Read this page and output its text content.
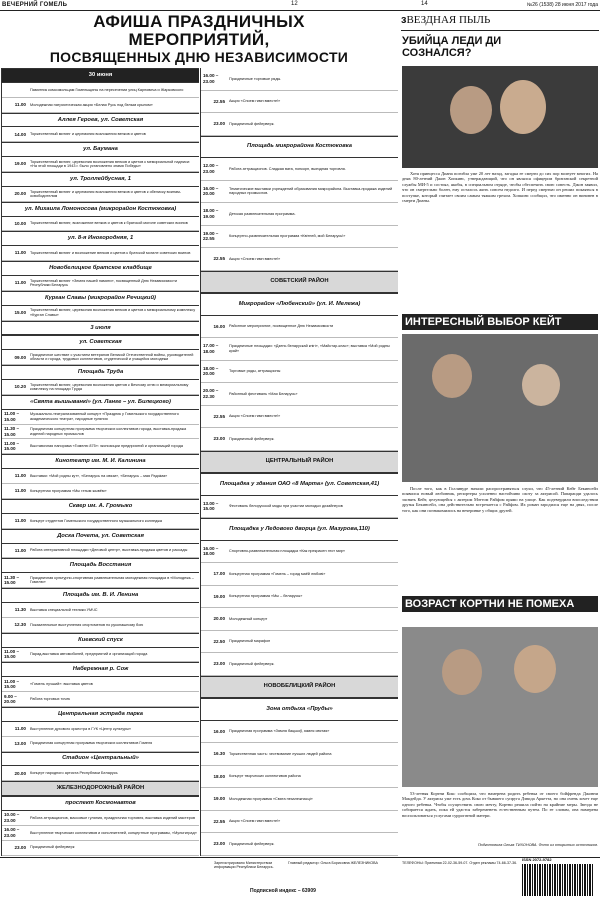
ВЕЧЕРНИЙ ГОМЕЛЬ	12	14	№26 (1538) 28 июня 2017 года
АФИША ПРАЗДНИЧНЫХ
МЕРОПРИЯТИЙ,
ПОСВЯЩЕННЫХ ДНЮ НЕЗАВИСИМОСТИ
30 июня
Памятник комсомольцам Гомельщины на пересечении улиц Карповича и Жарковского
11.00	Молодежная патриотическая акция «Белая Русь под белым крылом»
Аллея Героев, ул. Советская
14.00	Торжественный митинг и церемония возложения венков и цветов
ул. Баумана
19.00	Торжественный митинг, церемония возложения венков и цветов к мемориальной надписи: «На этой площади в 1943 г. было установлено знамя Победы»
ул. Троллейбусная, 1
20.00	Торжественный митинг и церемония возложения венков и цветов к обелиску воинам-освободителям
ул. Михаила Ломоносова (микрорайон Костюковка)
10.00	Торжественный митинг, возложение венков и цветов к братской могиле советских воинов
ул. 8-я Иногородняя, 1
11.00	Торжественный митинг и возложение венков и цветов к братской могиле советских воинов
Новобелицкое братское кладбище
11.00	Торжественный митинг «Земля нашей памяти», посвященный Дню Независимости Республики Беларусь
Курган Славы (микрорайон Речицкий)
15.00	Торжественный митинг, церемония возложения венков и цветов к мемориальному комплексу «Курган Славы»
3 июля
ул. Советская
09.00	Праздничное шествие с участием ветеранов Великой Отечественной войны, руководителей области и города, трудовых коллективов, студенческой и учащейся молодежи
Площадь Труда
10.20	Торжественный митинг, церемония возложения цветов к Вечному огню и мемориальному комплексу на площади Труда
«Свята вышыванкі» (ул. Ланге – ул. Билецкого)
11.00 – 15.00
Музыкально-театрализованный концерт «Праздник у Гомельского государственного академического театра», народные гуляния
11.30 – 15.00
Праздничная концертная программа творческих коллективов города, выставка-продажа изделий народных промыслов
11.00 – 15.00
Выставочная панорама «Гомелю 875»: экспозиции предприятий и организаций города
Кинотеатр им. М. И. Калинина
11.00	Выставки: «Мой родны кут», «Беларусь на связи», «Беларусь – мая Радзіма»
11.00	Концертная программа «Мы гэтым жывём»
Сквер им. А. Громыко
11.00	Концерт студентов Гомельского государственного музыкального колледжа
Доска Почета, ул. Советская
11.00	Работа интерактивной площадки «Деловой центр», выставка-продажа цветов и рассады
Площадь Восстания
11.30 – 15.00
Праздничная культурно-спортивная развлекательная молодежная площадка в «Молодежь – Гомелю»
Площадь им. В. И. Ленина
11.30	Выставка специальной техники УМЧС
12.30	Показательные выступления спортсменов по рукопашному бою
Киевский спуск
11.00 – 15.00
Парад-выставка автомобилей, предприятий и организаций города
Набережная р. Сож
11.00 – 15.00
«Гомель лучший»: выставка цветов
9.00 – 20.00
Работа торговых точек
Центральная эстрада парка
11.00	Выступление духового оркестра в ГУК «Центр культуры»
13.00	Праздничная концертная программа творческих коллективов Гомеля
Стадион «Центральный»
20.00	Концерт народного артиста Республики Беларусь
ЖЕЛЕЗНОДОРОЖНЫЙ РАЙОН
проспект Космонавтов
10.00 – 23.00
Работа аттракционов, массовые гуляния, праздничная торговля, выставка изделий мастеров
16.00 – 23.00
Выступление творческих коллективов и исполнителей, концертные программы, «Мультиград»
23.00	Праздничный фейерверк
16.00 – 23.00
Праздничные торговые ряды.
22.55	Акция «Споем гимн вместе!»
23.00	Праздничный фейерверк.
Площадь микрорайона Костюковка
12.00 – 23.00
Работа аттракционов. Сладкая вата, попкорн, выездная торговля.
16.00 – 20.00
Тематические выставки учреждений образования микрорайона. Выставка-продажа изделий народных промыслов.
18.00 – 19.00
Детская развлекательная программа.
19.00 – 22.55
Концертно-развлекательная программа «Квітней, мой Беларусь!»
22.55	Акция «Споем гимн вместе!»
СОВЕТСКИЙ РАЙОН
Микрорайон «Любенский» (ул. И. Мележа)
16.00	Районное мероприятие, посвященное Дню Независимости
17.00 – 18.00
Праздничные площадки: «Дзень беларускай кнігі», «Майстар-клас»; выставка «Мой родны край»
18.00 – 20.00
Торговые ряды, аттракционы
20.00 – 22.30
Районный фестиваль «Мая Беларусь»
22.55	Акция «Споем гимн вместе!»
23.00	Праздничный фейерверк.
ЦЕНТРАЛЬНЫЙ РАЙОН
Площадка у здания ОАО «8 Марта» (ул. Советская,41)
13.00 – 15.00
Фестиваль белорусской моды при участии молодых дизайнеров
Площадка у Ледового дворца (ул. Мазурова,110)
16.00 – 18.00
Спортивно-развлекательная площадка «Как прекрасен этот мир»
17.00	Концертная программа «Гомель – горад маёй любові»
19.00	Концертная программа «Мы – беларусы»
20.00	Молодежный концерт
22.50	Праздничный марафон
23.00	Праздничный фейерверк.
НОВОБЕЛИЦКИЙ РАЙОН
Зона отдыха «Пруды»
16.00	Праздничная программа «Зямля бацькоў, зямля святая»
16.30	Торжественная часть: чествование лучших людей района
18.00	Концерт творческих коллективов района
19.00	Молодежная программа «Свята незалежнасці»
22.55	Акция «Споем гимн вместе!»
23.00	Праздничный фейерверк.
зВЕЗДНАЯ ПЫЛЬ
УБИЙЦА ЛЕДИ ДИ СОЗНАЛСЯ?
Хотя принцесса Диана погибла уже 20 лет назад, загадка ее смерти до сих пор волнует многих. На днях 80-летний Джон Хопкинс, утверждающий, что он являлся офицером британской секретной службы МИ-5 и состоял, якобы, в специальном отряде, чтобы обеспечить свою совесть. Джон заявил, что он смертельно болен, ему осталось жить совсем недолго. И перед смертью он решил покаяться в поступке, который считает своим самым тяжким грехом. Хопкинс сообщил, что именно он виновен в смерти Дианы.
ИНТЕРЕСНЫЙ ВЫБОР КЕЙТ
После того, как в Голливуде начали распространяться слухи, что 45-летний Кейт Бекинсейл появился новый любовник, репортеры усиленно настойчиво охоту за актрисой. Папарацци удалось заснять Кейт, целующейся с актером Мэттом Райфом прямо на улице. Как подтвердили впоследствии друзья Бекинсейл, она действительно встречается с Райфом. Их роман зародился еще на днях, после того, как они познакомились на вечеринке у общих друзей.
ВОЗРАСТ КОРТНИ НЕ ПОМЕХА
53-летняя Кортни Кокс сообщила, что намерена родить ребенка от своего бойфренда Джонни Макдейда. У актрисы уже есть дочь Коко от бывшего супруга Дэвида Аркетта, но она очень хочет еще одного ребенка. Чтобы осуществить свою мечту, Кортни решила пойти на крайние меры. Звезда не собирается ждать, пока ей удастся забеременеть естественным путем. По ее словам, она намерена воспользоваться услугами суррогатной матери.
Подготовила Ольга ТИХОНОВА. Фото из открытых источников.
Зарегистрировано Министерством информации Республики Беларусь.
Главный редактор: Ольга Борисовна ЖЕЛЕЗНИКОВА
Подписной индекс – 63909
ТЕЛЕФОНЫ: Приемная 22-02-36-59-07. Отдел рекламы 74-66-37-36.
ISSN 2072-9782
